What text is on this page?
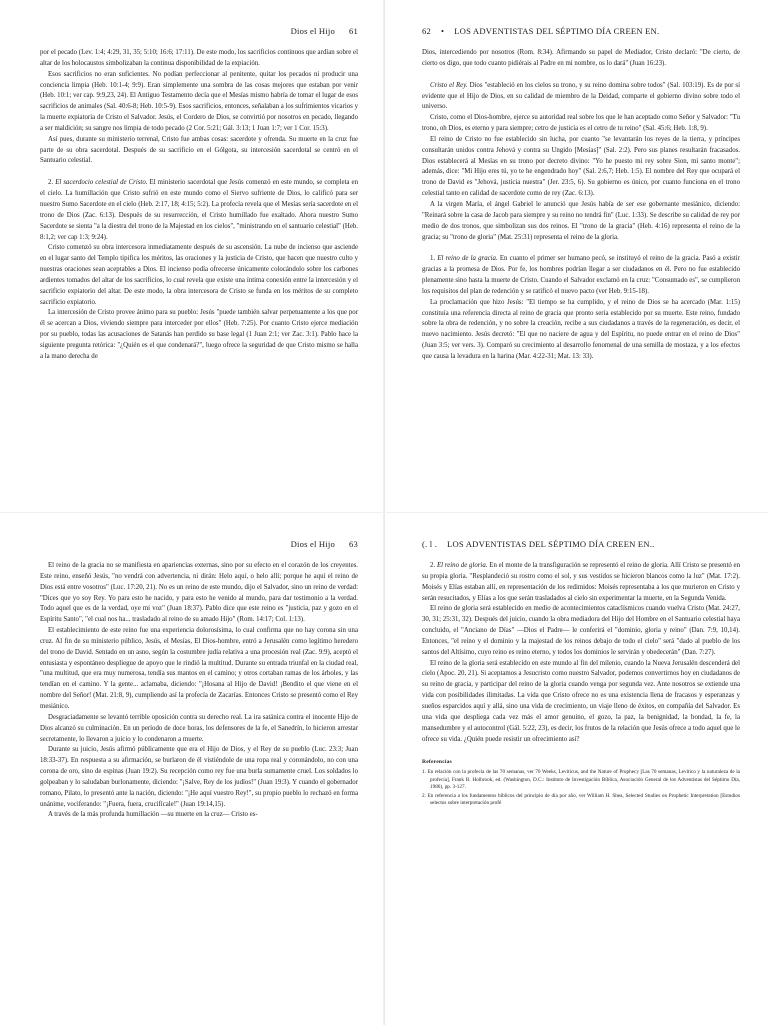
Dios el Hijo 61

por el pecado (Lev. 1:4; 4:29, 31, 35; 5:10; 16:6; 17:11). De este modo, los sacrificios continuos que ardían sobre el altar de los holocaustos simbolizaban la continua disponibilidad de la expiación.

Esos sacrificios no eran suficientes. No podían perfeccionar al penitente, quitar los pecados ni producir una conciencia limpia (Heb. 10:1-4; 9:9). Eran simplemente una sombra de las cosas mejores que estaban por venir (Heb. 10:1; ver cap. 9:9,23, 24). El Antiguo Testamento decía que el Mesías mismo habría de tomar el lugar de esos sacrificios de animales (Sal. 40:6-8; Heb. 10:5-9). Esos sacrificios, entonces, señalaban a los sufrimientos vicarios y la muerte expiatoria de Cristo el Salvador. Jesús, el Cordero de Dios, se convirtió por nosotros en pecado, llegando a ser maldición; su sangre nos limpia de todo pecado (2 Cor. 5:21; Gál. 3:13; 1 Juan 1:7; ver 1 Cor. 15:3).

Así pues, durante su ministerio terrenal, Cristo fue ambas cosas: sacerdote y ofrenda. Su muerte en la cruz fue parte de su obra sacerdotal. Después de su sacrificio en el Gólgota, su intercesión sacerdotal se centró en el Santuario celestial.

2. El sacerdocio celestial de Cristo. El ministerio sacerdotal que Jesús comenzó en este mundo, se completa en el cielo. La humillación que Cristo sufrió en este mundo como el Siervo sufriente de Dios, lo calificó para ser nuestro Sumo Sacerdote en el cielo (Heb. 2:17, 18; 4:15; 5:2). La profecía revela que el Mesías sería sacerdote en el trono de Dios (Zac. 6:13). Después de su resurrección, el Cristo humillado fue exaltado. Ahora nuestro Sumo Sacerdote se sienta "a la diestra del trono de la Majestad en los cielos", "ministrando en el santuario celestial" (Heb. 8:1,2; ver cap 1:3; 9:24).

Cristo comenzó su obra intercesora inmediatamente después de su ascensión. La nube de incienso que asciende en el lugar santo del Templo tipifica los méritos, las oraciones y la justicia de Cristo, que hacen que nuestro culto y nuestras oraciones sean aceptables a Dios. El incienso podía ofrecerse únicamente colocándolo sobre los carbones ardientes tomados del altar de los sacrificios, lo cual revela que existe una íntima conexión entre la intercesión y el sacrificio expiatorio del altar. De este modo, la obra intercesora de Cristo se funda en los méritos de su completo sacrificio expiatorio.

La intercesión de Cristo provee ánimo para su pueblo: Jesús "puede también salvar perpetuamente a los que por él se acercan a Dios, viviendo siempre para interceder por ellos" (Heb. 7:25). Por cuanto Cristo ejerce mediación por su pueblo, todas las acusaciones de Satanás han perdido su base legal (1 Juan 2:1; ver Zac. 3:1). Pablo hace la siguiente pregunta retórica: "¿Quién es el que condenará?", luego ofrece la seguridad de que Cristo mismo se halla a la mano derecha de

62 • LOS ADVENTISTAS DEL SÉPTIMO DÍA CREEN EN.

Dios, intercediendo por nosotros (Rom. 8:34). Afirmando su papel de Mediador, Cristo declaró: "De cierto, de cierto os digo, que todo cuanto pidiérais al Padre en mi nombre, os lo dará" (Juan 16:23).

Cristo el Rey. Dios "estableció en los cielos su trono, y su reino domina sobre todos" (Sal. 103:19). Es de por sí evidente que el Hijo de Dios, en su calidad de miembro de la Deidad, comparte el gobierno divino sobre todo el universo.

Cristo, como el Dios-hombre, ejerce su autoridad real sobre los que le han aceptado como Señor y Salvador: "Tu trono, oh Dios, es eterno y para siempre; cetro de justicia es el cetro de tu reino" (Sal. 45:6; Heb. 1:8, 9).

El reino de Cristo no fue establecido sin lucha, por cuanto "se levantarán los reyes de la tierra, y príncipes consultarán unidos contra Jehová y contra su Ungido [Mesías]" (Sal. 2:2). Pero sus planes resultarán fracasados. Dios establecerá al Mesías en su trono por decreto divino: "Yo he puesto mi rey sobre Sion, mi santo monte"; además, dice: "Mi Hijo eres tú, yo te he engendrado hoy" (Sal. 2:6,7; Heb. 1:5). El nombre del Rey que ocupará el trono de David es "Jehová, justicia nuestra" (Jer. 23:5, 6). Su gobierno es único, por cuanto funciona en el trono celestial tanto en calidad de sacerdote como de rey (Zac. 6:13).

A la virgen María, el ángel Gabriel le anunció que Jesús había de ser ese gobernante mesiánico, diciendo: "Reinará sobre la casa de Jacob para siempre y su reino no tendrá fin" (Luc. 1:33). Se describe su calidad de rey por medio de dos tronos, que simbolizan sus dos reinos. El "trono de la gracia" (Heb. 4:16) representa el reino de la gracia; su "trono de gloria" (Mat. 25:31) representa el reino de la gloria.

1. El reino de la gracia. En cuanto el primer ser humano pecó, se instituyó el reino de la gracia. Pasó a existir gracias a la promesa de Dios. Por fe, los hombres podrían llegar a ser ciudadanos en él. Pero no fue establecido plenamente sino hasta la muerte de Cristo. Cuando el Salvador exclamó en la cruz: "Consumado es", se cumplieron los requisitos del plan de redención y se ratificó el nuevo pacto (ver Heb. 9:15-18).

La proclamación que hizo Jesús: "El tiempo se ha cumplido, y el reino de Dios se ha acercado (Mar. 1:15) constituía una referencia directa al reino de gracia que pronto sería establecido por su muerte. Este reino, fundado sobre la obra de redención, y no sobre la creación, recibe a sus ciudadanos a través de la regeneración, es decir, el nuevo nacimiento. Jesús decretó: "El que no naciere de agua y del Espíritu, no puede entrar en el reino de Dios" (Juan 3:5; ver vers. 3). Comparó su crecimiento al desarrollo fenomenal de una semilla de mostaza, y a los efectos que causa la levadura en la harina (Mar. 4:22-31; Mat. 13: 33).

Dios el Hijo 63

El reino de la gracia no se manifiesta en apariencias externas, sino por su efecto en el corazón de los creyentes. Este reino, enseñó Jesús, "no vendrá con advertencia, ni dirán: Helo aquí, o helo allí; porque he aquí el reino de Dios está entre vosotros" (Luc. 17:20, 21). No es un reino de este mundo, dijo el Salvador, sino un reino de verdad: "Dices que yo soy Rey. Yo para esto he nacido, y para esto he venido al mundo, para dar testimonio a la verdad. Todo aquel que es de la verdad, oye mi voz" (Juan 18:37). Pablo dice que este reino es "justicia, paz y gozo en el Espíritu Santo", "el cual nos ha... trasladado al reino de su amado Hijo" (Rom. 14:17; Col. 1:13).

El establecimiento de este reino fue una experiencia dolorosísima, lo cual confirma que no hay corona sin una cruz. Al fin de su ministerio público, Jesús, el Mesías, El Dios-hombre, entró a Jerusalén como legítimo heredero del trono de David. Sentado en un asno, según la costumbre judía relativa a una procesión real (Zac. 9:9), aceptó el entusiasta y espontáneo despliegue de apoyo que le rindió la multitud. Durante su entrada triunfal en la ciudad real, "una multitud, que era muy numerosa, tendía sus mantos en el camino; y otros cortaban ramas de los árboles, y las tendían en el camino. Y la gente... aclamaba, diciendo: "¡Hosana al Hijo de David! ¡Bendito el que viene en el nombre del Señor! (Mat. 21:8, 9), cumpliendo así la profecía de Zacarías. Entonces Cristo se presentó como el Rey mesiánico.

Desgraciadamente se levantó terrible oposición contra su derecho real. La ira satánica contra el inocente Hijo de Dios alcanzó su culminación. En un período de doce horas, los defensores de la fe, el Sanedrín, lo hicieron arrestar secretamente, lo llevaron a juicio y lo condenaron a muerte.

Durante su juicio, Jesús afirmó públicamente que era el Hijo de Dios, y el Rey de su pueblo (Luc. 23:3; Juan 18:33-37). En respuesta a su afirmación, se burlaron de él vistiéndole de una ropa real y coronándolo, no con una corona de oro, sino de espinas (Juan 19:2). Su recepción como rey fue una burla sumamente cruel. Los soldados lo golpeaban y lo saludaban burlonamente, diciendo: "¡Salve, Rey de los judíos!" (Juan 19:3). Y cuando el gobernador romano, Pilato, lo presentó ante la nación, diciendo: "¡He aquí vuestro Rey!", su propio pueblo lo rechazó en forma unánime, vociferando: "¡Fuera, fuera, crucifícale!" (Juan 19:14,15).

A través de la más profunda humillación —su muerte en la cruz— Cristo es-

(. l . LOS ADVENTISTAS DEL SÉPTIMO DÍA CREEN EN..

2. El reino de gloria. En el monte de la transfiguración se representó el reino de gloria. Allí Cristo se presentó en su propia gloria. "Resplandeció su rostro como el sol, y sus vestidos se hicieron blancos como la luz" (Mat. 17:2). Moisés y Elías estaban allí, en representación de los redimidos: Moisés representaba a los que murieron en Cristo y serán resucitados, y Elías a los que serán trasladados al cielo sin experimentar la muerte, en la Segunda Venida.

El reino de gloria será establecido en medio de acontecimientos cataclísmicos cuando vuelva Cristo (Mat. 24:27, 30, 31; 25:31, 32). Después del juicio, cuando la obra mediadora del Hijo del Hombre en el Santuario celestial haya concluido, el "Anciano de Días" —Dios el Padre— le conferirá el "dominio, gloria y reino" (Dan. 7:9, 10,14). Entonces, "el reino y el dominio y la majestad de los reinos debajo de todo el cielo" será "dado al pueblo de los santos del Altísimo, cuyo reino es reino eterno, y todos los dominios le servirán y obedecerán" (Dan. 7:27).

El reino de la gloria será establecido en este mundo al fin del milenio, cuando la Nueva Jerusalén descenderá del cielo (Apoc. 20, 21). Si aceptamos a Jesucristo como nuestro Salvador, podemos convertirnos hoy en ciudadanos de su reino de gracia, y participar del reino de la gloria cuando venga por segunda vez. Ante nosotros se extiende una vida con posibilidades ilimitadas. La vida que Cristo ofrece no es una existencia llena de fracasos y esperanzas y sueños esparcidos aquí y allá, sino una vida de crecimiento, un viaje lleno de éxitos, en compañía del Salvador. Es una vida que despliega cada vez más el amor genuino, el gozo, la paz, la benignidad, la bondad, la fe, la mansedumbre y el autocontrol (Gál. 5:22, 23), es decir, los frutos de la relación que Jesús ofrece a todo aquel que le ofrece su vida. ¿Quién puede resistir un ofrecimiento así?

Referencias
1. En relación con la profecía de las 70 semanas, ver 70 Weeks, Leviticus, and the Nature of Prophecy [Las 70 semanas, Levítico y la naturaleza de la profecía], Frank B. Holbrook, ed. (Washington, D.C.: Instituto de Investigación Bíblica, Asociación General de los Adventistas del Séptimo Día, 1986), pp. 3-127.
2. En referencia a los fundamentos bíblicos del principio de día por año, ver William H. Shea, Selected Studies on Prophetic Interpretation [Estudios selectos sobre interpretación profé
